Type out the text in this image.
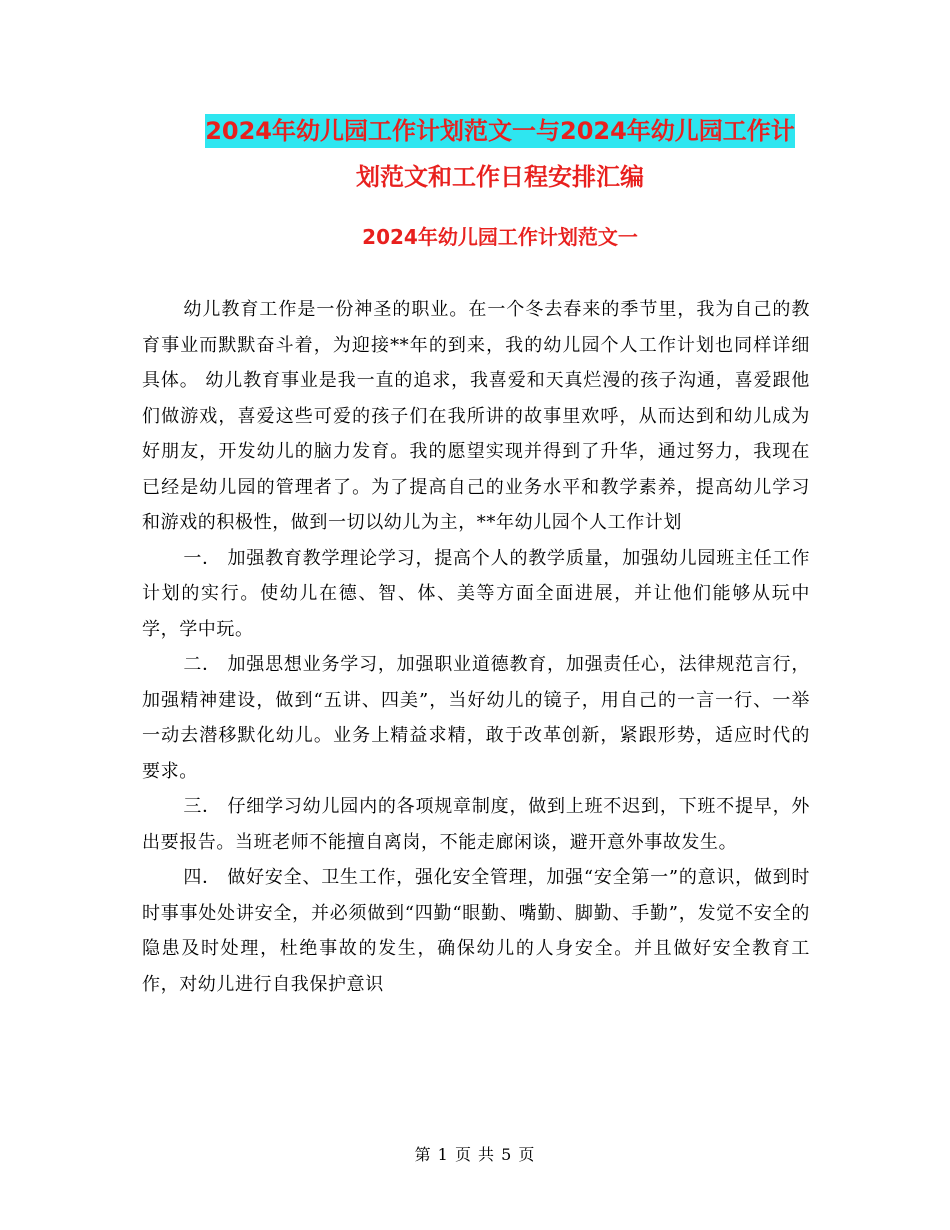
2024年幼儿园工作计划范文一与2024年幼儿园工作计
划范文和工作日程安排汇编
2024年幼儿园工作计划范文一

幼儿教育工作是一份神圣的职业。在一个冬去春来的季节里，我为自己的教育事业而默默奋斗着，为迎接**年的到来，我的幼儿园个人工作计划也同样详细具体。 幼儿教育事业是我一直的追求，我喜爱和天真烂漫的孩子沟通，喜爱跟他们做游戏，喜爱这些可爱的孩子们在我所讲的故事里欢呼，从而达到和幼儿成为好朋友，开发幼儿的脑力发育。我的愿望实现并得到了升华，通过努力，我现在已经是幼儿园的管理者了。为了提高自己的业务水平和教学素养，提高幼儿学习和游戏的积极性，做到一切以幼儿为主，**年幼儿园个人工作计划

一． 加强教育教学理论学习，提高个人的教学质量，加强幼儿园班主任工作计划的实行。使幼儿在德、智、体、美等方面全面进展，并让他们能够从玩中学，学中玩。

二． 加强思想业务学习，加强职业道德教育，加强责任心，法律规范言行，加强精神建设，做到“五讲、四美”，当好幼儿的镜子，用自己的一言一行、一举一动去潜移默化幼儿。业务上精益求精，敢于改革创新，紧跟形势，适应时代的要求。

三． 仔细学习幼儿园内的各项规章制度，做到上班不迟到，下班不提早，外出要报告。当班老师不能擅自离岗，不能走廊闲谈，避开意外事故发生。

四． 做好安全、卫生工作，强化安全管理，加强“安全第一”的意识，做到时时事事处处讲安全，并必须做到“四勤“眼勤、嘴勤、脚勤、手勤”，发觉不安全的隐患及时处理，杜绝事故的发生，确保幼儿的人身安全。并且做好安全教育工作，对幼儿进行自我保护意识

第 1 页 共 5 页
